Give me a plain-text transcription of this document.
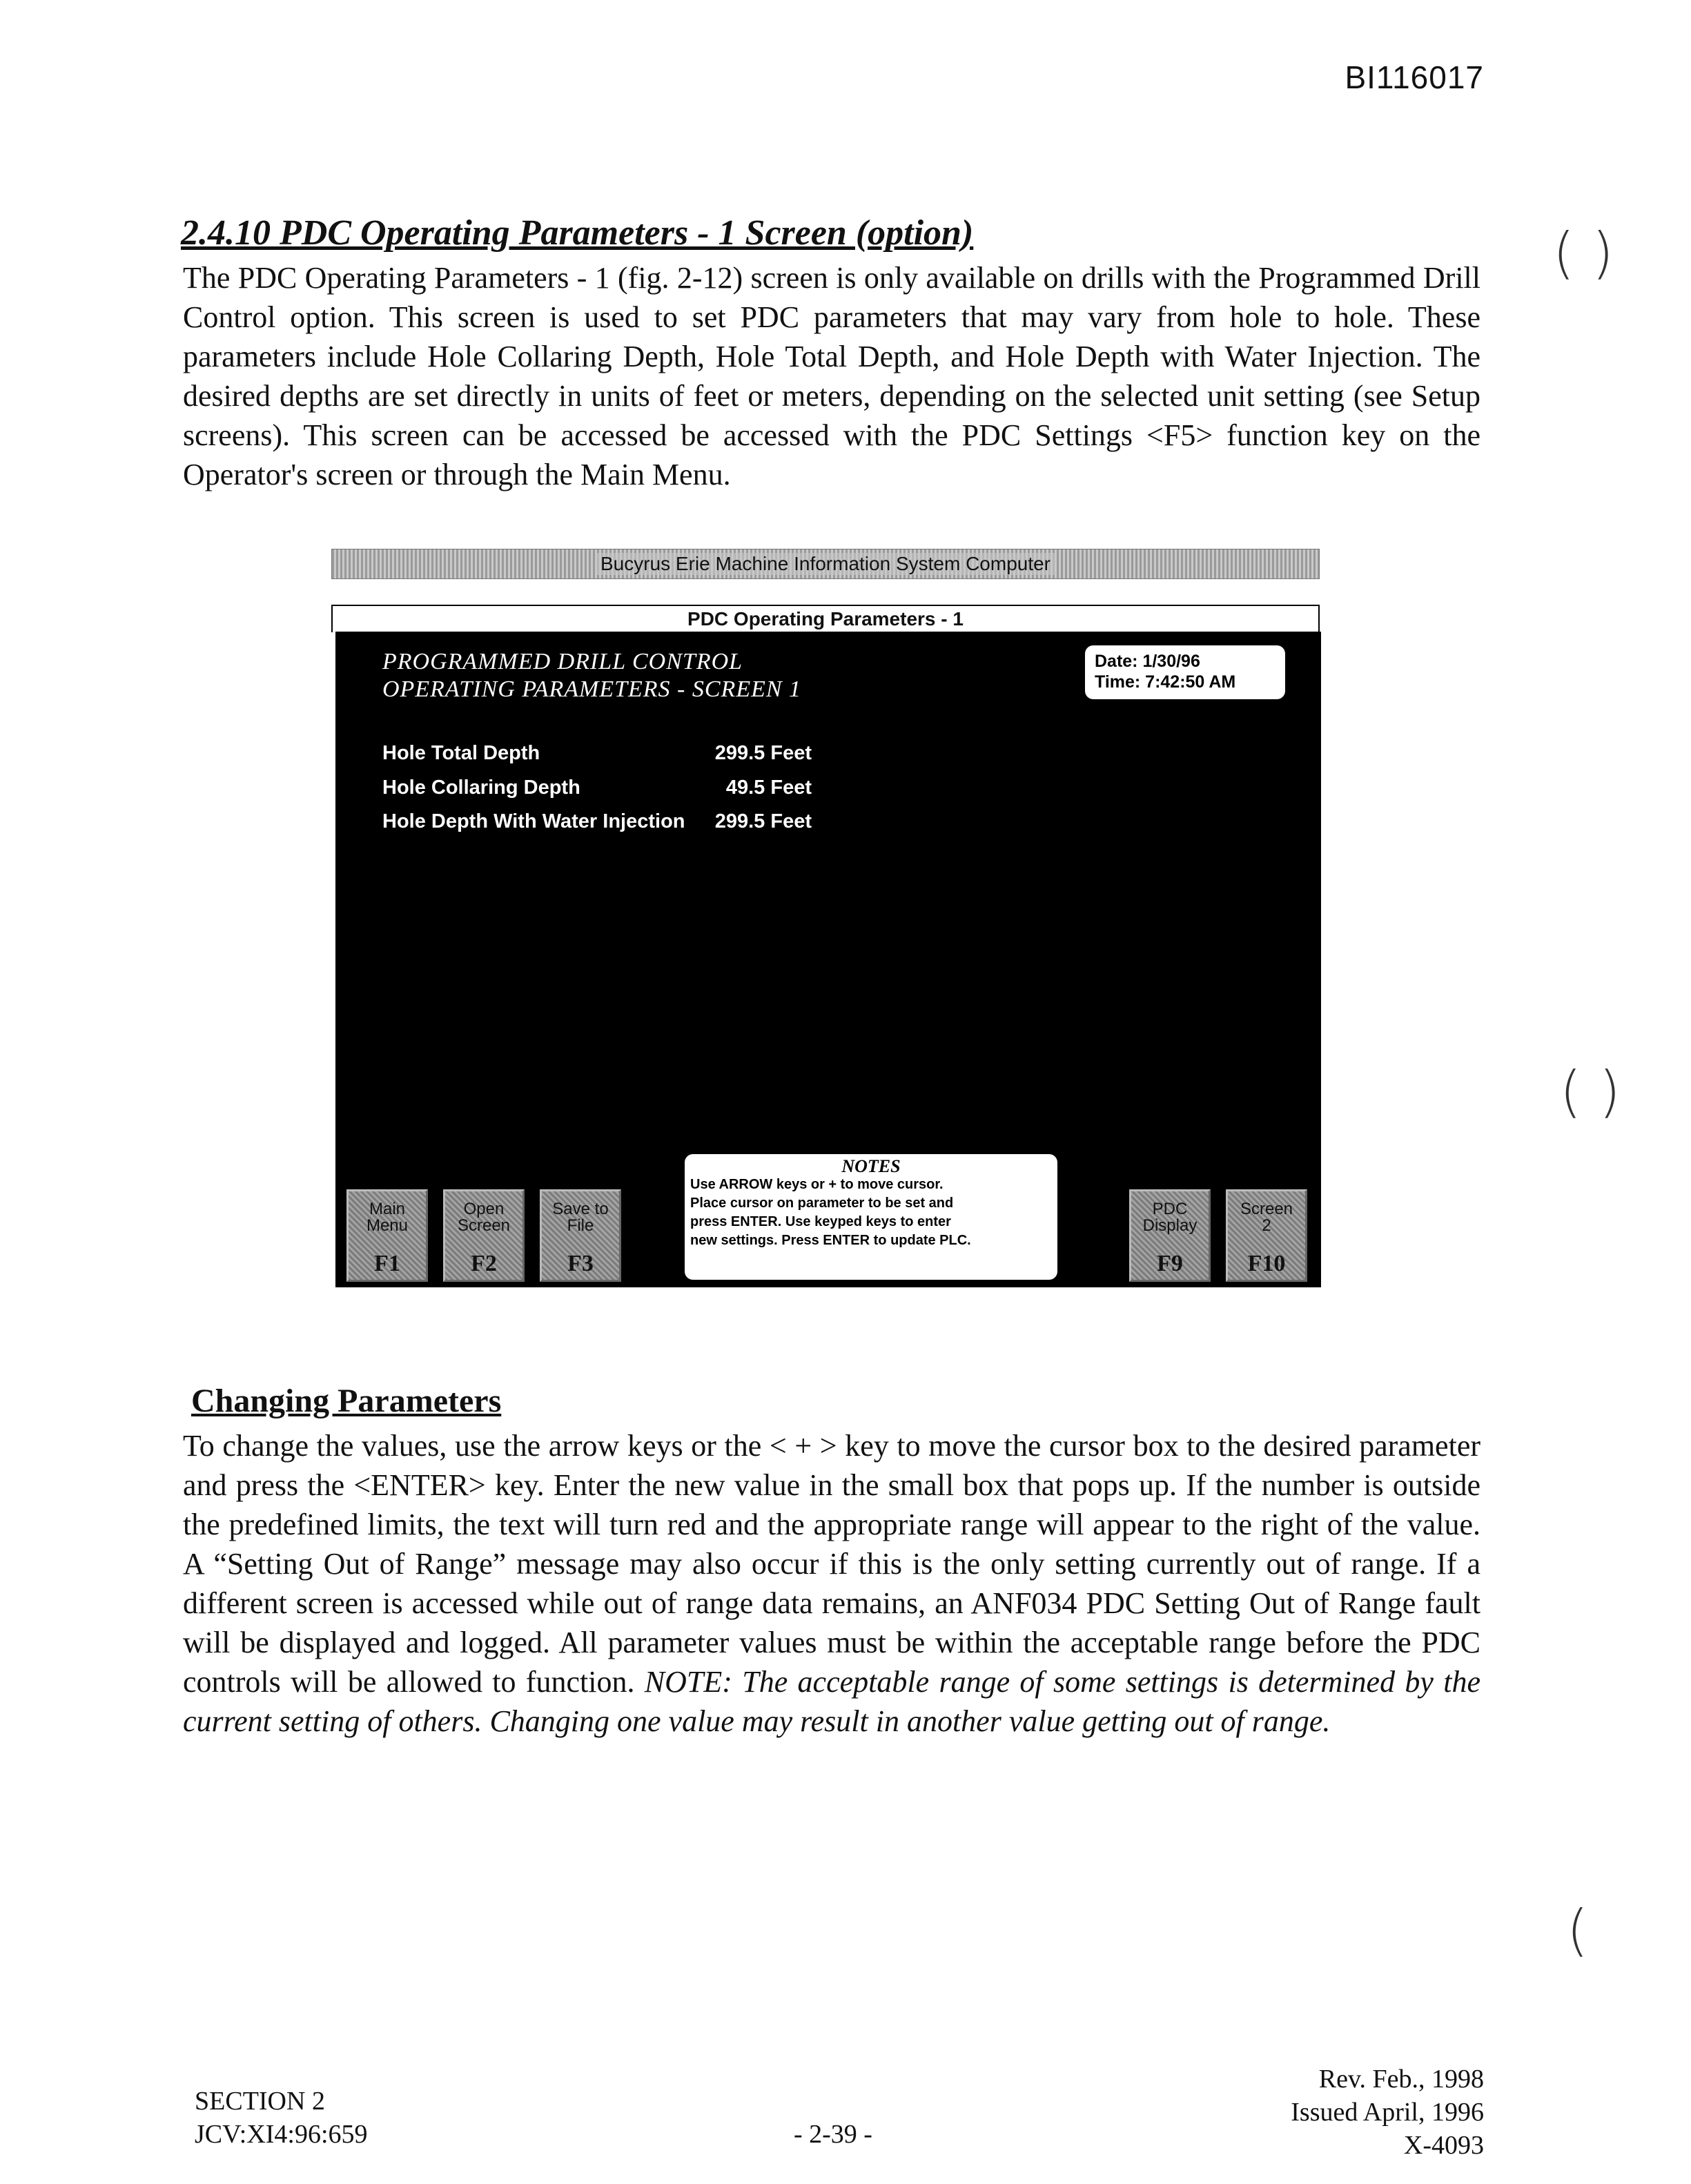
BI116017
2.4.10 PDC Operating Parameters - 1 Screen (option)
The PDC Operating Parameters - 1 (fig. 2-12) screen is only available on drills with the Programmed Drill Control option. This screen is used to set PDC parameters that may vary from hole to hole. These parameters include Hole Collaring Depth, Hole Total Depth, and Hole Depth with Water Injection. The desired depths are set directly in units of feet or meters, depending on the selected unit setting (see Setup screens). This screen can be accessed be accessed with the PDC Settings <F5> function key on the Operator's screen or through the Main Menu.
( )
( )
(
Bucyrus Erie Machine Information System Computer
PDC Operating Parameters - 1
PROGRAMMED DRILL CONTROL
OPERATING PARAMETERS - SCREEN 1
Date: 1/30/96
Time: 7:42:50 AM
Hole Total Depth	299.5 Feet
Hole Collaring Depth	49.5 Feet
Hole Depth With Water Injection	299.5 Feet
Main
Menu
F1
Open
Screen
F2
Save to
File
F3
NOTES
Use ARROW keys or + to move cursor.
Place cursor on parameter to be set and
press ENTER. Use keyped keys to enter
new settings. Press ENTER to update PLC.
PDC
Display
F9
Screen
2
F10
Changing Parameters
To change the values, use the arrow keys or the < + > key to move the cursor box to the desired parameter and press the <ENTER> key. Enter the new value in the small box that pops up. If the number is outside the predefined limits, the text will turn red and the appropriate range will appear to the right of the value. A “Setting Out of Range” message may also occur if this is the only setting currently out of range. If a different screen is accessed while out of range data remains, an ANF034 PDC Setting Out of Range fault will be displayed and logged. All parameter values must be within the acceptable range before the PDC controls will be allowed to function. NOTE: The acceptable range of some settings is determined by the current setting of others. Changing one value may result in another value getting out of range.
SECTION 2
JCV:XI4:96:659	- 2-39 -
Rev. Feb., 1998
Issued April, 1996
X-4093
